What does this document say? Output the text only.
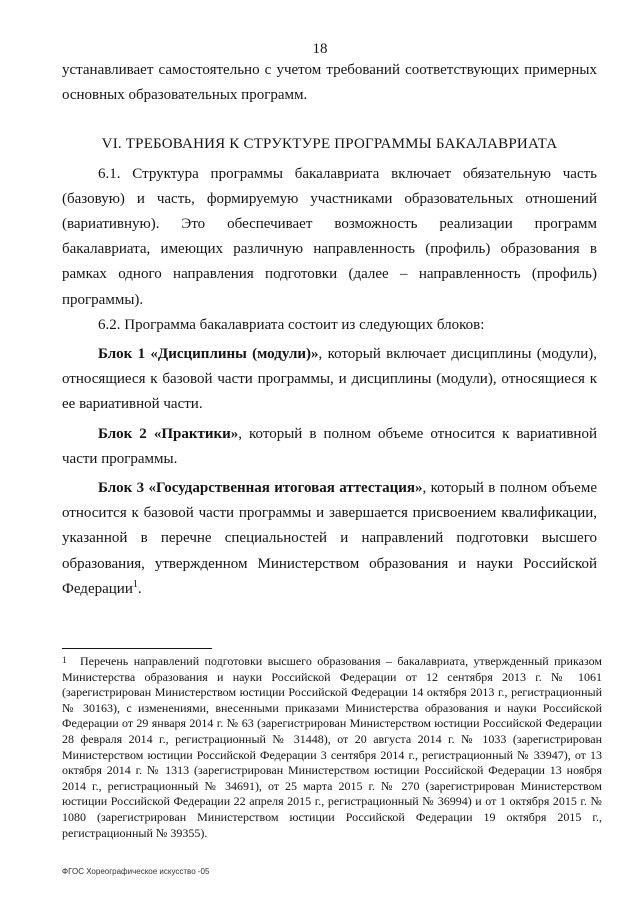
18

устанавливает самостоятельно с учетом требований соответствующих примерных основных образовательных программ.

VI. ТРЕБОВАНИЯ К СТРУКТУРЕ ПРОГРАММЫ БАКАЛАВРИАТА

6.1. Структура программы бакалавриата включает обязательную часть (базовую) и часть, формируемую участниками образовательных отношений (вариативную). Это обеспечивает возможность реализации программ бакалавриата, имеющих различную направленность (профиль) образования в рамках одного направления подготовки (далее – направленность (профиль) программы).

6.2. Программа бакалавриата состоит из следующих блоков:

Блок 1 «Дисциплины (модули)», который включает дисциплины (модули), относящиеся к базовой части программы, и дисциплины (модули), относящиеся к ее вариативной части.

Блок 2 «Практики», который в полном объеме относится к вариативной части программы.

Блок 3 «Государственная итоговая аттестация», который в полном объеме относится к базовой части программы и завершается присвоением квалификации, указанной в перечне специальностей и направлений подготовки высшего образования, утвержденном Министерством образования и науки Российской Федерации$^1$.

1 Перечень направлений подготовки высшего образования – бакалавриата, утвержденный приказом Министерства образования и науки Российской Федерации от 12 сентября 2013 г. № 1061 (зарегистрирован Министерством юстиции Российской Федерации 14 октября 2013 г., регистрационный № 30163), с изменениями, внесенными приказами Министерства образования и науки Российской Федерации от 29 января 2014 г. № 63 (зарегистрирован Министерством юстиции Российской Федерации 28 февраля 2014 г., регистрационный № 31448), от 20 августа 2014 г. № 1033 (зарегистрирован Министерством юстиции Российской Федерации 3 сентября 2014 г., регистрационный № 33947), от 13 октября 2014 г. № 1313 (зарегистрирован Министерством юстиции Российской Федерации 13 ноября 2014 г., регистрационный № 34691), от 25 марта 2015 г. № 270 (зарегистрирован Министерством юстиции Российской Федерации 22 апреля 2015 г., регистрационный № 36994) и от 1 октября 2015 г. № 1080 (зарегистрирован Министерством юстиции Российской Федерации 19 октября 2015 г., регистрационный № 39355).

ФГОС Хореографическое искусство -05
